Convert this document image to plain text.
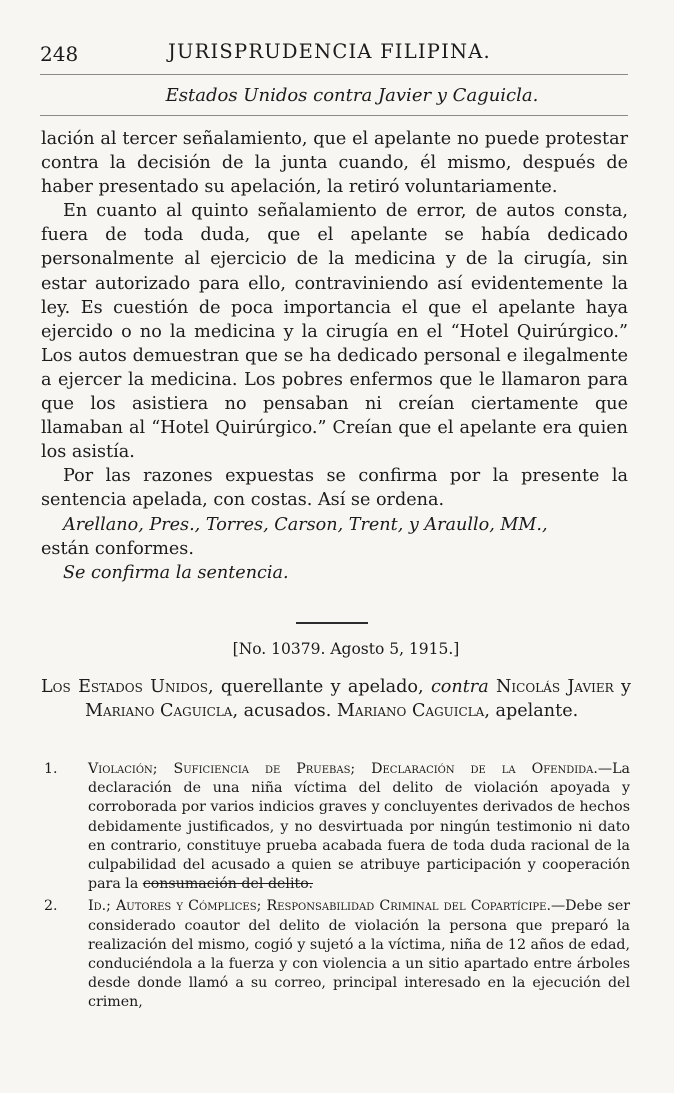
248	JURISPRUDENCIA FILIPINA.
Estados Unidos contra Javier y Caguicla.

lación al tercer señalamiento, que el apelante no puede protestar contra la decisión de la junta cuando, él mismo, después de haber presentado su apelación, la retiró voluntariamente.

En cuanto al quinto señalamiento de error, de autos consta, fuera de toda duda, que el apelante se había dedicado personalmente al ejercicio de la medicina y de la cirugía, sin estar autorizado para ello, contraviniendo así evidentemente la ley. Es cuestión de poca importancia el que el apelante haya ejercido o no la medicina y la cirugía en el “Hotel Quirúrgico.” Los autos demuestran que se ha dedicado personal e ilegalmente a ejercer la medicina. Los pobres enfermos que le llamaron para que los asistiera no pensaban ni creían ciertamente que llamaban al “Hotel Quirúrgico.” Creían que el apelante era quien los asistía.

Por las razones expuestas se confirma por la presente la sentencia apelada, con costas. Así se ordena.

Arellano, Pres., Torres, Carson, Trent, y Araullo, MM.,
están conformes.

Se confirma la sentencia.

[No. 10379. Agosto 5, 1915.]
Los Estados Unidos, querellante y apelado, contra Nicolás Javier y Mariano Caguicla, acusados. Mariano Caguicla, apelante.
1. Violación; Suficiencia de Pruebas; Declaración de la Ofendida.—La declaración de una niña víctima del delito de violación apoyada y corroborada por varios indicios graves y concluyentes derivados de hechos debidamente justificados, y no desvirtuada por ningún testimonio ni dato en contrario, constituye prueba acabada fuera de toda duda racional de la culpabilidad del acusado a quien se atribuye participación y cooperación para la consumación del delito.
2. Id.; Autores y Cómplices; Responsabilidad Criminal del Copartícipe.—Debe ser considerado coautor del delito de violación la persona que preparó la realización del mismo, cogió y sujetó a la víctima, niña de 12 años de edad, conduciéndola a la fuerza y con violencia a un sitio apartado entre árboles desde donde llamó a su correo, principal interesado en la ejecución del crimen,
